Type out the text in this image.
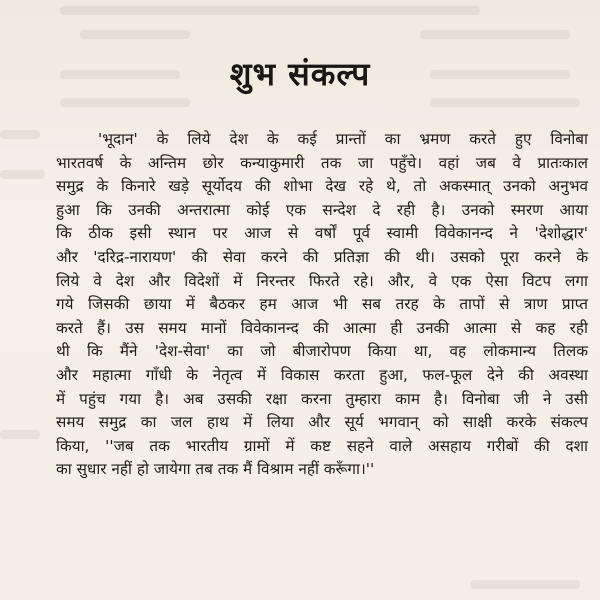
शुभ संकल्प
'भूदान' के लिये देश के कई प्रान्तों का भ्रमण करते हुए विनोबा
भारतवर्ष के अन्तिम छोर कन्याकुमारी तक जा पहुँचे। वहां जब वे प्रातःकाल
समुद्र के किनारे खड़े सूर्योदय की शोभा देख रहे थे, तो अकस्मात् उनको अनुभव
हुआ कि उनकी अन्तरात्मा कोई एक सन्देश दे रही है। उनको स्मरण आया
कि ठीक इसी स्थान पर आज से वर्षों पूर्व स्वामी विवेकानन्द ने 'देशोद्धार'
और 'दरिद्र-नारायण' की सेवा करने की प्रतिज्ञा की थी। उसको पूरा करने के
लिये वे देश और विदेशों में निरन्तर फिरते रहे। और, वे एक ऐसा विटप लगा
गये जिसकी छाया में बैठकर हम आज भी सब तरह के तापों से त्राण प्राप्त
करते हैं। उस समय मानों विवेकानन्द की आत्मा ही उनकी आत्मा से कह रही
थी कि मैंने 'देश-सेवा' का जो बीजारोपण किया था, वह लोकमान्य तिलक
और महात्मा गाँधी के नेतृत्व में विकास करता हुआ, फल-फूल देने की अवस्था
में पहुंच गया है। अब उसकी रक्षा करना तुम्हारा काम है। विनोबा जी ने उसी
समय समुद्र का जल हाथ में लिया और सूर्य भगवान् को साक्षी करके संकल्प
किया, ''जब तक भारतीय ग्रामों में कष्ट सहने वाले असहाय गरीबों की दशा
का सुधार नहीं हो जायेगा तब तक मैं विश्राम नहीं करूँगा।''
